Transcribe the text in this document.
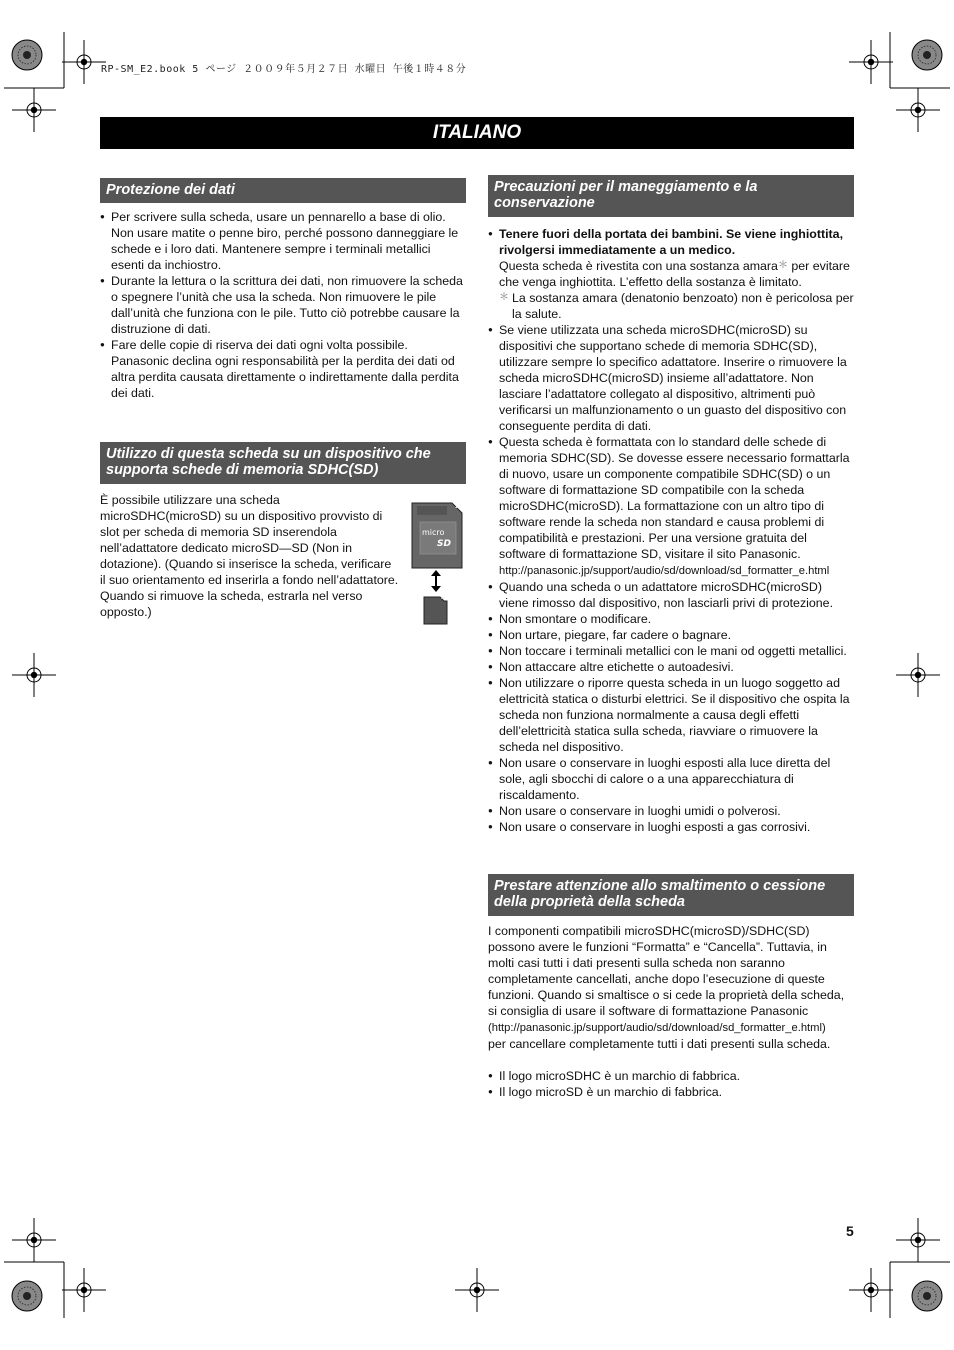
RP-SM_E2.book 5 ページ ２００９年５月２７日 水曜日 午後１時４８分
ITALIANO
Protezione dei dati
● Per scrivere sulla scheda, usare un pennarello a base di olio. Non usare matite o penne biro, perché possono danneggiare le schede e i loro dati. Mantenere sempre i terminali metallici esenti da inchiostro.
● Durante la lettura o la scrittura dei dati, non rimuovere la scheda o spegnere l’unità che usa la scheda. Non rimuovere le pile dall’unità che funziona con le pile. Tutto ciò potrebbe causare la distruzione di dati.
● Fare delle copie di riserva dei dati ogni volta possibile. Panasonic declina ogni responsabilità per la perdita dei dati od altra perdita causata direttamente o indirettamente dalla perdita dei dati.
Utilizzo di questa scheda su un dispositivo che supporta schede di memoria SDHC(SD)
È possibile utilizzare una scheda microSDHC(microSD) su un dispositivo provvisto di slot per scheda di memoria SD inserendola nell’adattatore dedicato microSD—SD (Non in dotazione). (Quando si inserisce la scheda, verificare il suo orientamento ed inserirla a fondo nell’adattatore. Quando si rimuove la scheda, estrarla nel verso opposto.)
micro
SD
Precauzioni per il maneggiamento e la conservazione
● Tenere fuori della portata dei bambini. Se viene inghiottita, rivolgersi immediatamente a un medico.
Questa scheda è rivestita con una sostanza amara＊ per evitare che venga inghiottita. L’effetto della sostanza è limitato.
＊ La sostanza amara (denatonio benzoato) non è pericolosa per la salute.
● Se viene utilizzata una scheda microSDHC(microSD) su dispositivi che supportano schede di memoria SDHC(SD), utilizzare sempre lo specifico adattatore. Inserire o rimuovere la scheda microSDHC(microSD) insieme all’adattatore. Non lasciare l’adattatore collegato al dispositivo, altrimenti può verificarsi un malfunzionamento o un guasto del dispositivo con conseguente perdita di dati.
● Questa scheda è formattata con lo standard delle schede di memoria SDHC(SD). Se dovesse essere necessario formattarla di nuovo, usare un componente compatibile SDHC(SD) o un software di formattazione SD compatibile con la scheda microSDHC(microSD). La formattazione con un altro tipo di software rende la scheda non standard e causa problemi di compatibilità e prestazioni. Per una versione gratuita del software di formattazione SD, visitare il sito Panasonic.
http://panasonic.jp/support/audio/sd/download/sd_formatter_e.html
● Quando una scheda o un adattatore microSDHC(microSD) viene rimosso dal dispositivo, non lasciarli privi di protezione.
● Non smontare o modificare.
● Non urtare, piegare, far cadere o bagnare.
● Non toccare i terminali metallici con le mani od oggetti metallici.
● Non attaccare altre etichette o autoadesivi.
● Non utilizzare o riporre questa scheda in un luogo soggetto ad elettricità statica o disturbi elettrici. Se il dispositivo che ospita la scheda non funziona normalmente a causa degli effetti dell’elettricità statica sulla scheda, riavviare o rimuovere la scheda nel dispositivo.
● Non usare o conservare in luoghi esposti alla luce diretta del sole, agli sbocchi di calore o a una apparecchiatura di riscaldamento.
● Non usare o conservare in luoghi umidi o polverosi.
● Non usare o conservare in luoghi esposti a gas corrosivi.
Prestare attenzione allo smaltimento o cessione della proprietà della scheda
I componenti compatibili microSDHC(microSD)/SDHC(SD) possono avere le funzioni “Formatta” e “Cancella”. Tuttavia, in molti casi tutti i dati presenti sulla scheda non saranno completamente cancellati, anche dopo l’esecuzione di queste funzioni. Quando si smaltisce o si cede la proprietà della scheda, si consiglia di usare il software di formattazione Panasonic
(http://panasonic.jp/support/audio/sd/download/sd_formatter_e.html)
per cancellare completamente tutti i dati presenti sulla scheda.
● Il logo microSDHC è un marchio di fabbrica.
● Il logo microSD è un marchio di fabbrica.
5
